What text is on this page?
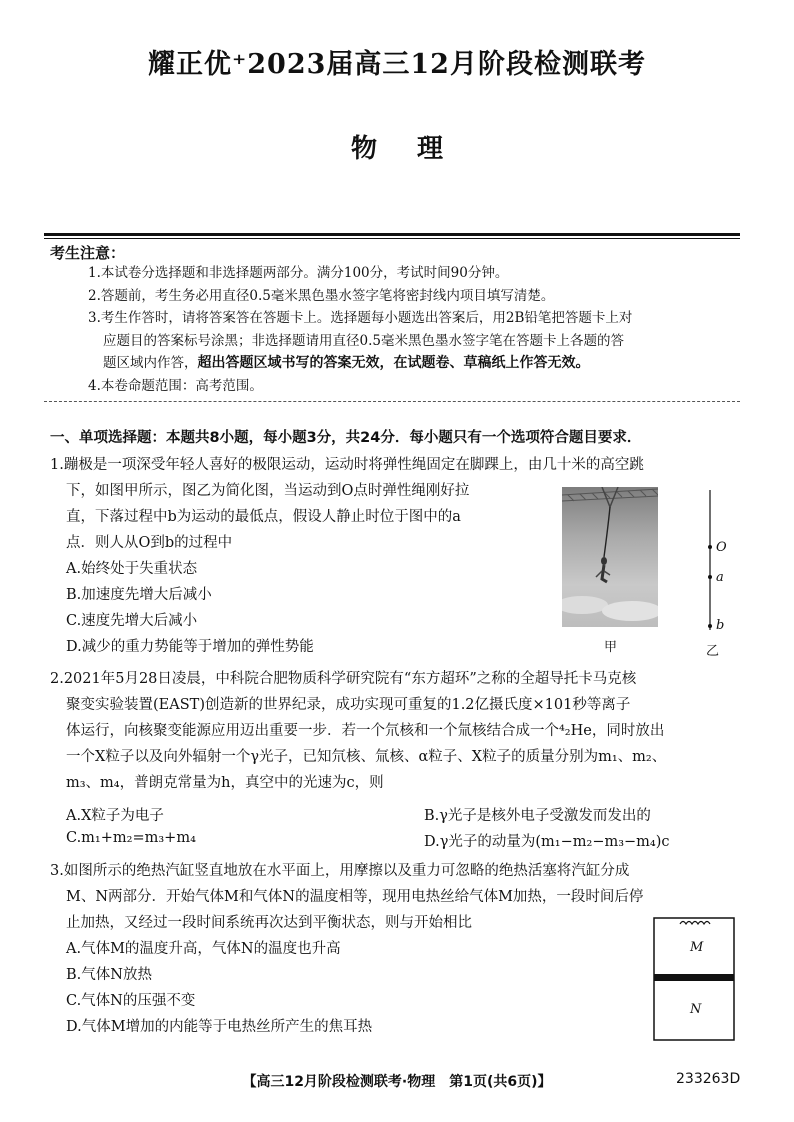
耀正优⁺2023届高三12月阶段检测联考
物理
考生注意：

1.本试卷分选择题和非选择题两部分。满分100分，考试时间90分钟。

2.答题前，考生务必用直径0.5毫米黑色墨水签字笔将密封线内项目填写清楚。

3.考生作答时，请将答案答在答题卡上。选择题每小题选出答案后，用2B铅笔把答题卡上对

应题目的答案标号涂黑；非选择题请用直径0.5毫米黑色墨水签字笔在答题卡上各题的答

题区域内作答，超出答题区域书写的答案无效，在试题卷、草稿纸上作答无效。

4.本卷命题范围：高考范围。

一、单项选择题：本题共8小题，每小题3分，共24分．每小题只有一个选项符合题目要求．

1.蹦极是一项深受年轻人喜好的极限运动，运动时将弹性绳固定在脚踝上，由几十米的高空跳

下，如图甲所示，图乙为简化图，当运动到O点时弹性绳刚好拉

直，下落过程中b为运动的最低点，假设人静止时位于图中的a

点．则人从O到b的过程中

A.始终处于失重状态

B.加速度先增大后减小

C.速度先增大后减小

D.减少的重力势能等于增加的弹性势能	甲
O
a
b
乙

2.2021年5月28日凌晨，中科院合肥物质科学研究院有“东方超环”之称的全超导托卡马克核

聚变实验装置(EAST)创造新的世界纪录，成功实现可重复的1.2亿摄氏度×101秒等离子

体运行，向核聚变能源应用迈出重要一步．若一个氘核和一个氚核结合成一个⁴₂He，同时放出

一个X粒子以及向外辐射一个γ光子，已知氘核、氚核、α粒子、X粒子的质量分别为m₁、m₂、

m₃、m₄，普朗克常量为h，真空中的光速为c，则

A.X粒子为电子	B.γ光子是核外电子受激发而发出的
C.m₁+m₂=m₃+m₄	D.γ光子的动量为(m₁−m₂−m₃−m₄)c

3.如图所示的绝热汽缸竖直地放在水平面上，用摩擦以及重力可忽略的绝热活塞将汽缸分成

M、N两部分．开始气体M和气体N的温度相等，现用电热丝给气体M加热，一段时间后停

止加热，又经过一段时间系统再次达到平衡状态，则与开始相比

A.气体M的温度升高，气体N的温度也升高

B.气体N放热

C.气体N的压强不变

D.气体M增加的内能等于电热丝所产生的焦耳热

M
N
【高三12月阶段检测联考·物理　第1页(共6页)】	233263D
